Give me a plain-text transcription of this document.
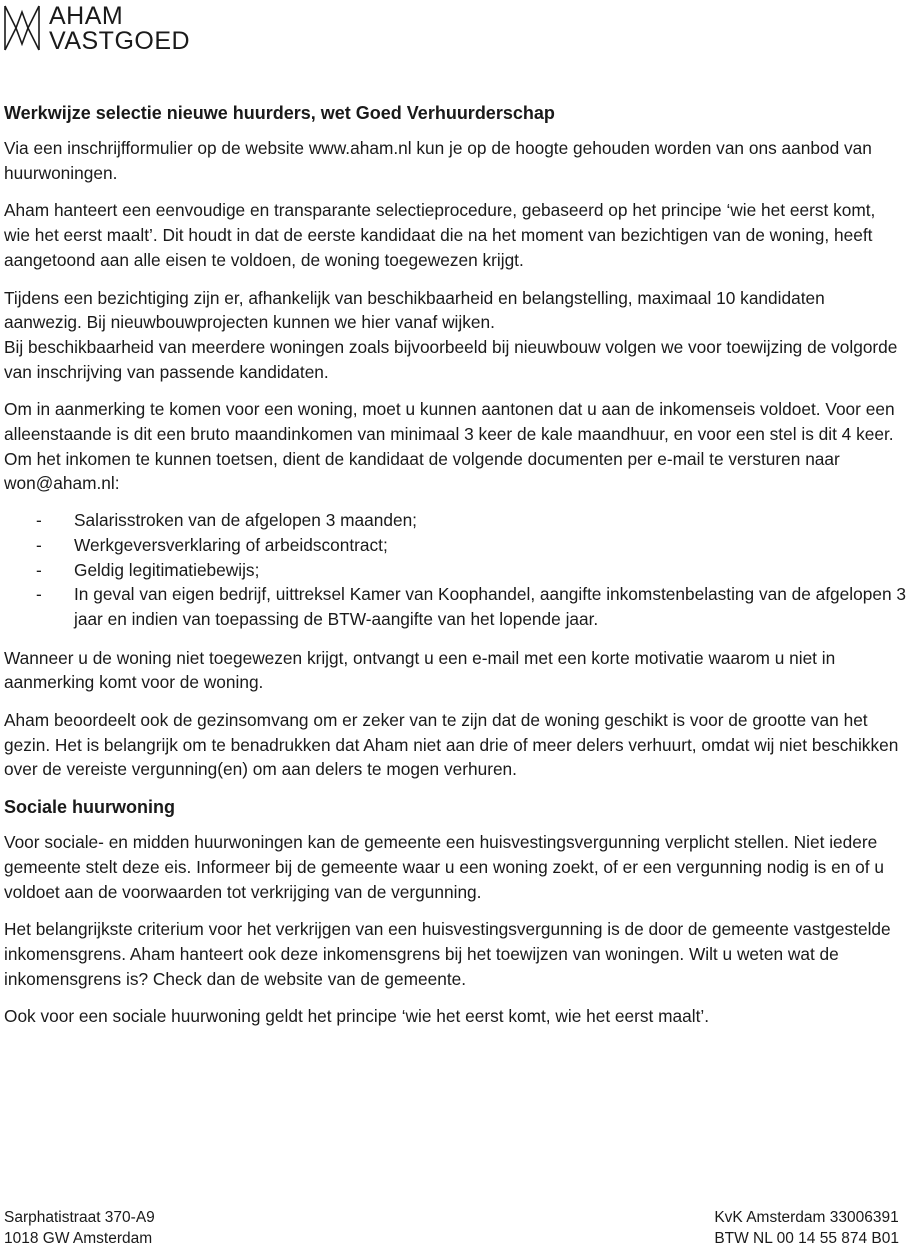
AHAM
VASTGOED
Werkwijze selectie nieuwe huurders, wet Goed Verhuurderschap

Via een inschrijfformulier op de website www.aham.nl kun je op de hoogte gehouden worden van ons aanbod van huurwoningen.

Aham hanteert een eenvoudige en transparante selectieprocedure, gebaseerd op het principe ‘wie het eerst komt, wie het eerst maalt’. Dit houdt in dat de eerste kandidaat die na het moment van bezichtigen van de woning, heeft aangetoond aan alle eisen te voldoen, de woning toegewezen krijgt.

Tijdens een bezichtiging zijn er, afhankelijk van beschikbaarheid en belangstelling, maximaal 10 kandidaten aanwezig. Bij nieuwbouwprojecten kunnen we hier vanaf wijken.

Bij beschikbaarheid van meerdere woningen zoals bijvoorbeeld bij nieuwbouw volgen we voor toewijzing de volgorde van inschrijving van passende kandidaten.

Om in aanmerking te komen voor een woning, moet u kunnen aantonen dat u aan de inkomenseis voldoet. Voor een alleenstaande is dit een bruto maandinkomen van minimaal 3 keer de kale maandhuur, en voor een stel is dit 4 keer. Om het inkomen te kunnen toetsen, dient de kandidaat de volgende documenten per e-mail te versturen naar won@aham.nl:

- Salarisstroken van de afgelopen 3 maanden;
- Werkgeversverklaring of arbeidscontract;
- Geldig legitimatiebewijs;
- In geval van eigen bedrijf, uittreksel Kamer van Koophandel, aangifte inkomstenbelasting van de afgelopen 3 jaar en indien van toepassing de BTW-aangifte van het lopende jaar.

Wanneer u de woning niet toegewezen krijgt, ontvangt u een e-mail met een korte motivatie waarom u niet in aanmerking komt voor de woning.

Aham beoordeelt ook de gezinsomvang om er zeker van te zijn dat de woning geschikt is voor de grootte van het gezin. Het is belangrijk om te benadrukken dat Aham niet aan drie of meer delers verhuurt, omdat wij niet beschikken over de vereiste vergunning(en) om aan delers te mogen verhuren.

Sociale huurwoning

Voor sociale- en midden huurwoningen kan de gemeente een huisvestingsvergunning verplicht stellen. Niet iedere gemeente stelt deze eis. Informeer bij de gemeente waar u een woning zoekt, of er een vergunning nodig is en of u voldoet aan de voorwaarden tot verkrijging van de vergunning.

Het belangrijkste criterium voor het verkrijgen van een huisvestingsvergunning is de door de gemeente vastgestelde inkomensgrens. Aham hanteert ook deze inkomensgrens bij het toewijzen van woningen. Wilt u weten wat de inkomensgrens is? Check dan de website van de gemeente.

Ook voor een sociale huurwoning geldt het principe ‘wie het eerst komt, wie het eerst maalt’.

Sarphatistraat 370-A9
1018 GW Amsterdam
KvK Amsterdam 33006391
BTW NL 00 14 55 874 B01
